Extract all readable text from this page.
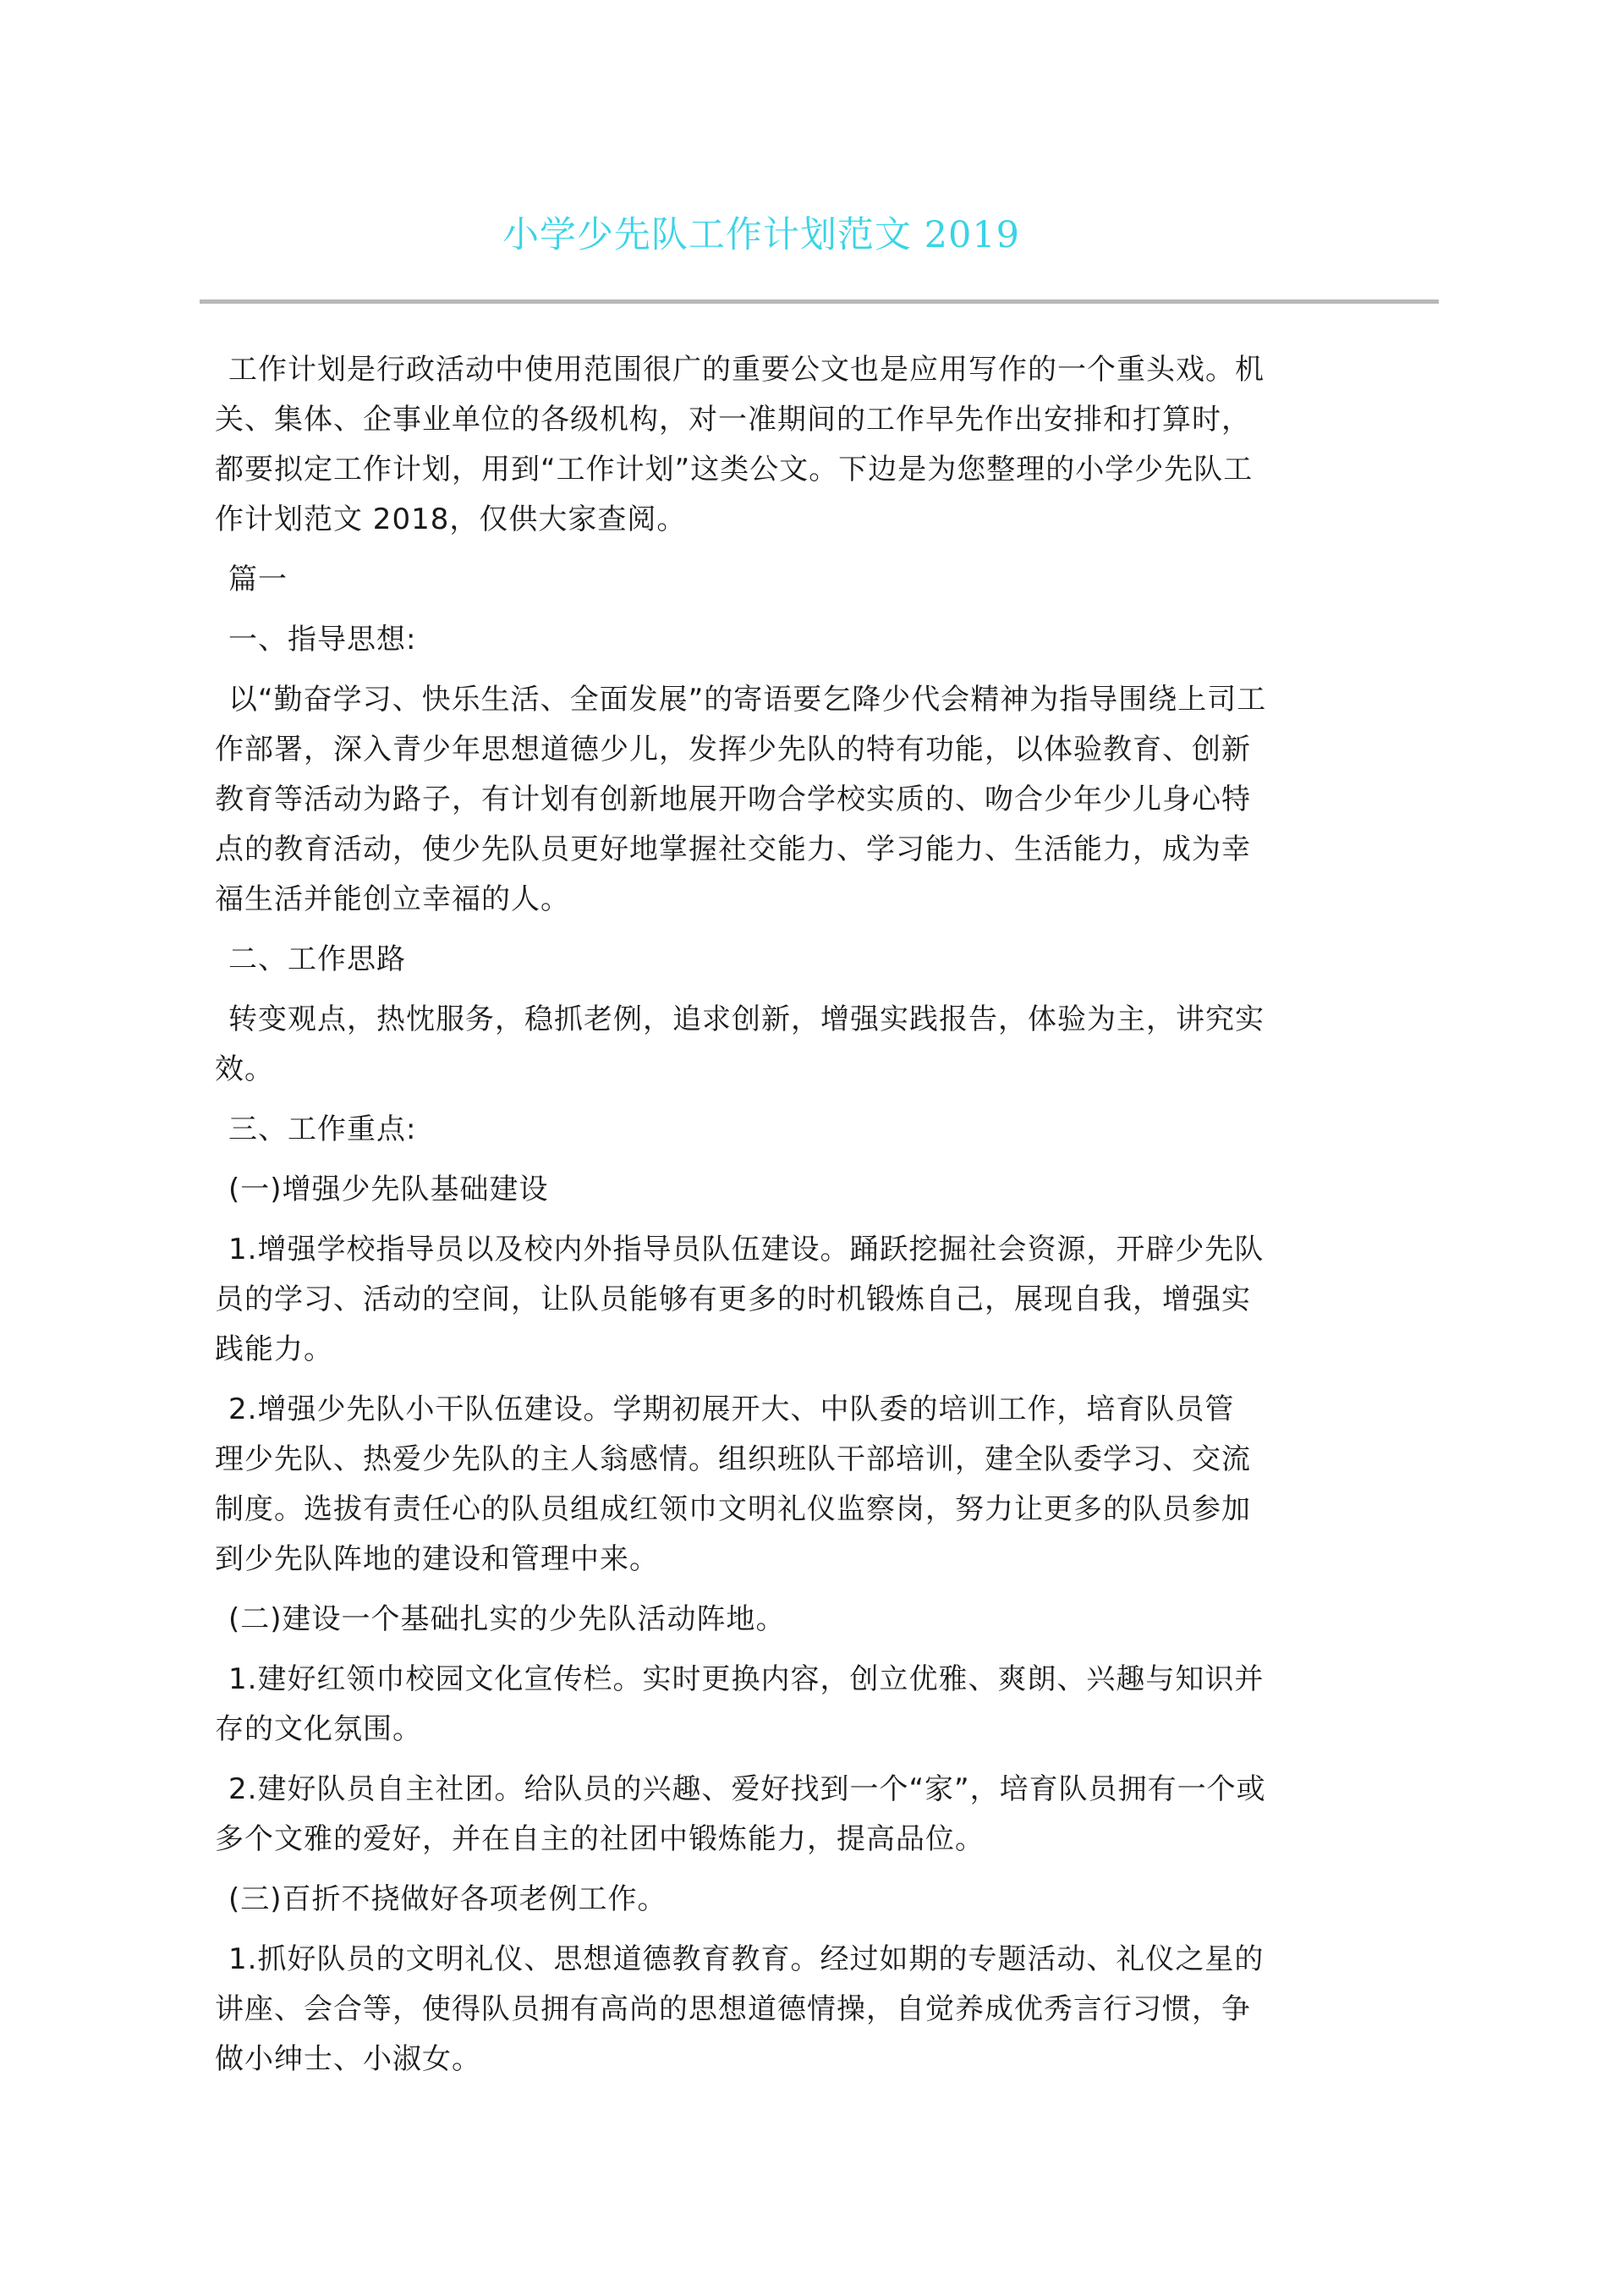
小学少先队工作计划范文 2019
工作计划是行政活动中使用范围很广的重要公文也是应用写作的一个重头戏。机
关、集体、企事业单位的各级机构，对一准期间的工作早先作出安排和打算时，
都要拟定工作计划，用到“工作计划”这类公文。下边是为您整理的小学少先队工
作计划范文 2018，仅供大家查阅。
篇一
一、指导思想:
以“勤奋学习、快乐生活、全面发展”的寄语要乞降少代会精神为指导围绕上司工
作部署，深入青少年思想道德少儿，发挥少先队的特有功能，以体验教育、创新
教育等活动为路子，有计划有创新地展开吻合学校实质的、吻合少年少儿身心特
点的教育活动，使少先队员更好地掌握社交能力、学习能力、生活能力，成为幸
福生活并能创立幸福的人。
二、工作思路
转变观点，热忱服务，稳抓老例，追求创新，增强实践报告，体验为主，讲究实
效。
三、工作重点:
(一)增强少先队基础建设
1.增强学校指导员以及校内外指导员队伍建设。踊跃挖掘社会资源，开辟少先队
员的学习、活动的空间，让队员能够有更多的时机锻炼自己，展现自我，增强实
践能力。
2.增强少先队小干队伍建设。学期初展开大、中队委的培训工作，培育队员管
理少先队、热爱少先队的主人翁感情。组织班队干部培训，建全队委学习、交流
制度。选拔有责任心的队员组成红领巾文明礼仪监察岗，努力让更多的队员参加
到少先队阵地的建设和管理中来。
(二)建设一个基础扎实的少先队活动阵地。
1.建好红领巾校园文化宣传栏。实时更换内容，创立优雅、爽朗、兴趣与知识并
存的文化氛围。
2.建好队员自主社团。给队员的兴趣、爱好找到一个“家”，培育队员拥有一个或
多个文雅的爱好，并在自主的社团中锻炼能力，提高品位。
(三)百折不挠做好各项老例工作。
1.抓好队员的文明礼仪、思想道德教育教育。经过如期的专题活动、礼仪之星的
讲座、会合等，使得队员拥有高尚的思想道德情操，自觉养成优秀言行习惯，争
做小绅士、小淑女。
